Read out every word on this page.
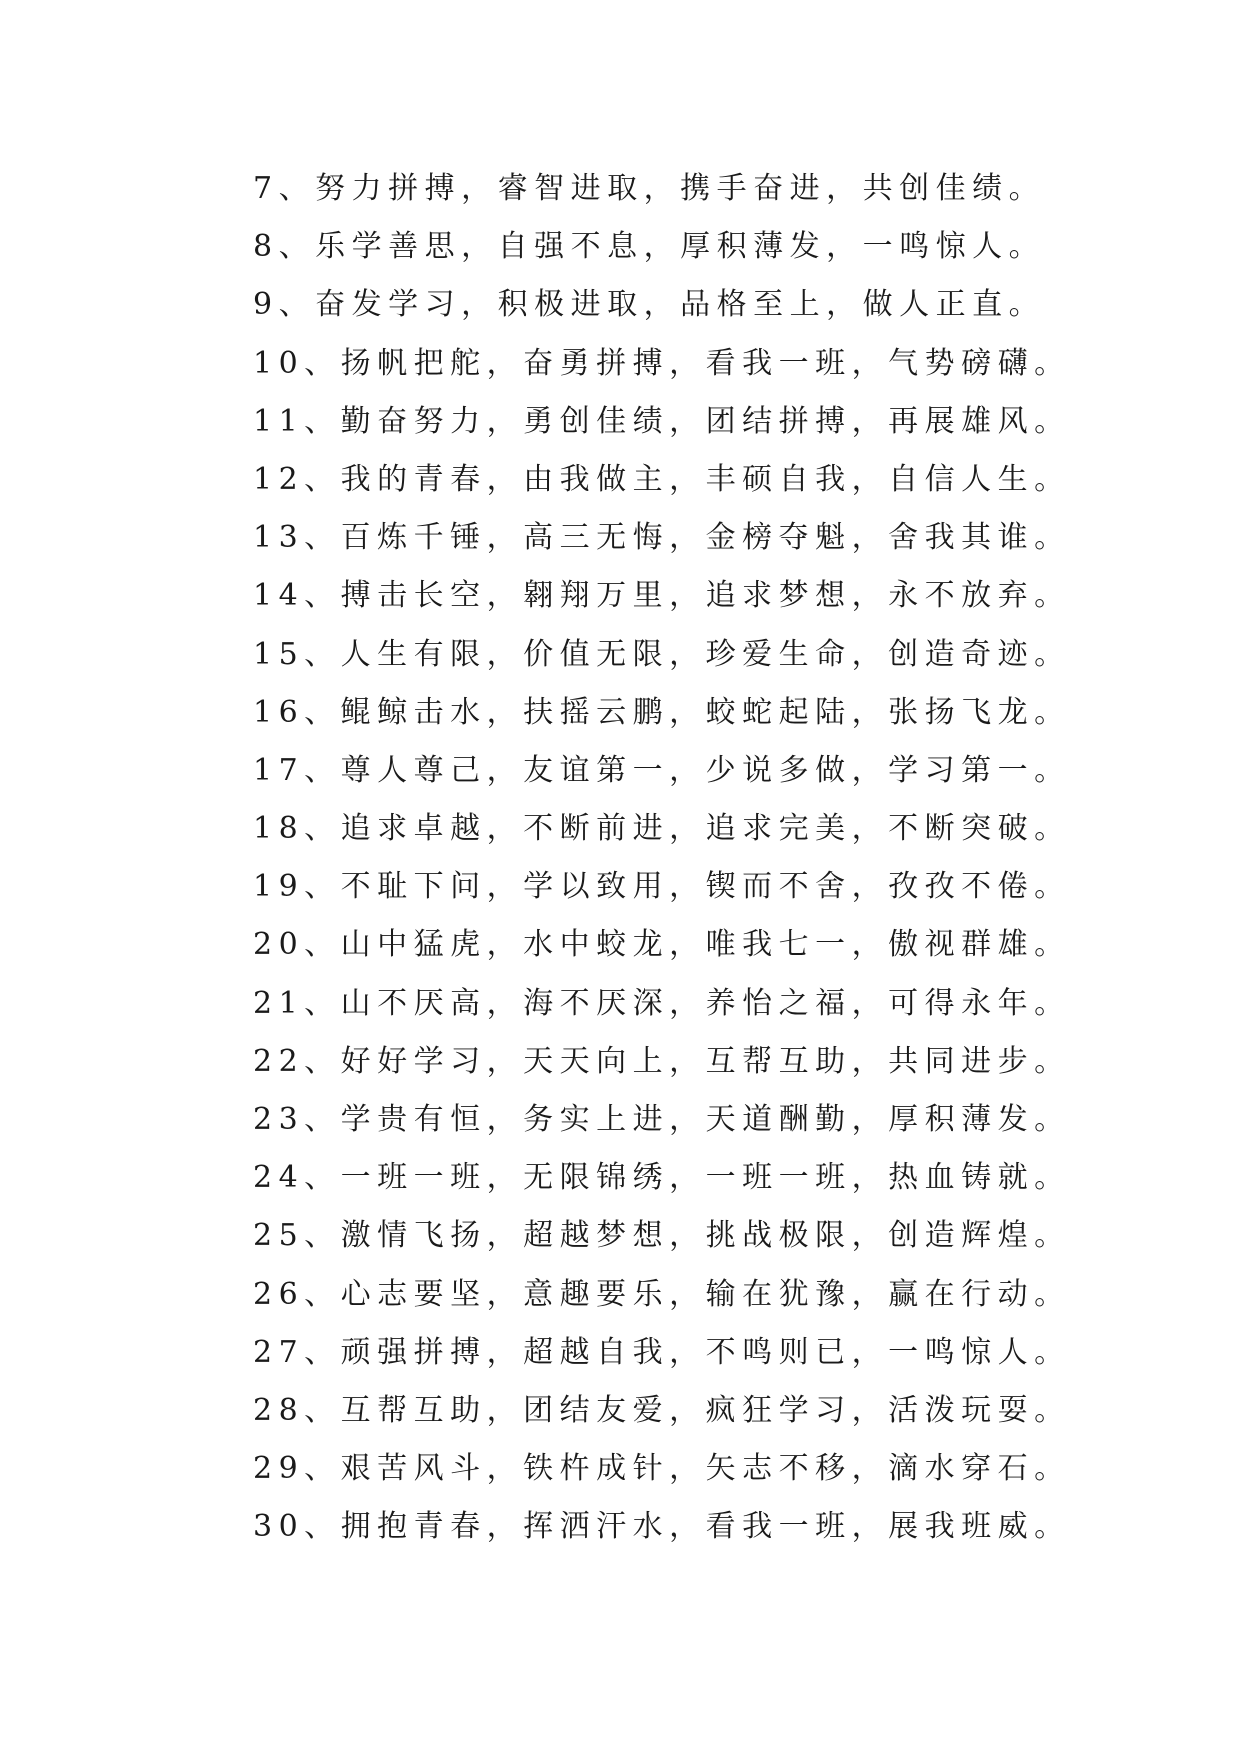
7、努力拼搏，睿智进取，携手奋进，共创佳绩。
8、乐学善思，自强不息，厚积薄发，一鸣惊人。
9、奋发学习，积极进取，品格至上，做人正直。
10、扬帆把舵，奋勇拼搏，看我一班，气势磅礴。
11、勤奋努力，勇创佳绩，团结拼搏，再展雄风。
12、我的青春，由我做主，丰硕自我，自信人生。
13、百炼千锤，高三无悔，金榜夺魁，舍我其谁。
14、搏击长空，翱翔万里，追求梦想，永不放弃。
15、人生有限，价值无限，珍爱生命，创造奇迹。
16、鲲鲸击水，扶摇云鹏，蛟蛇起陆，张扬飞龙。
17、尊人尊己，友谊第一，少说多做，学习第一。
18、追求卓越，不断前进，追求完美，不断突破。
19、不耻下问，学以致用，锲而不舍，孜孜不倦。
20、山中猛虎，水中蛟龙，唯我七一，傲视群雄。
21、山不厌高，海不厌深，养怡之福，可得永年。
22、好好学习，天天向上，互帮互助，共同进步。
23、学贵有恒，务实上进，天道酬勤，厚积薄发。
24、一班一班，无限锦绣，一班一班，热血铸就。
25、激情飞扬，超越梦想，挑战极限，创造辉煌。
26、心志要坚，意趣要乐，输在犹豫，赢在行动。
27、顽强拼搏，超越自我，不鸣则已，一鸣惊人。
28、互帮互助，团结友爱，疯狂学习，活泼玩耍。
29、艰苦风斗，铁杵成针，矢志不移，滴水穿石。
30、拥抱青春，挥洒汗水，看我一班，展我班威。
